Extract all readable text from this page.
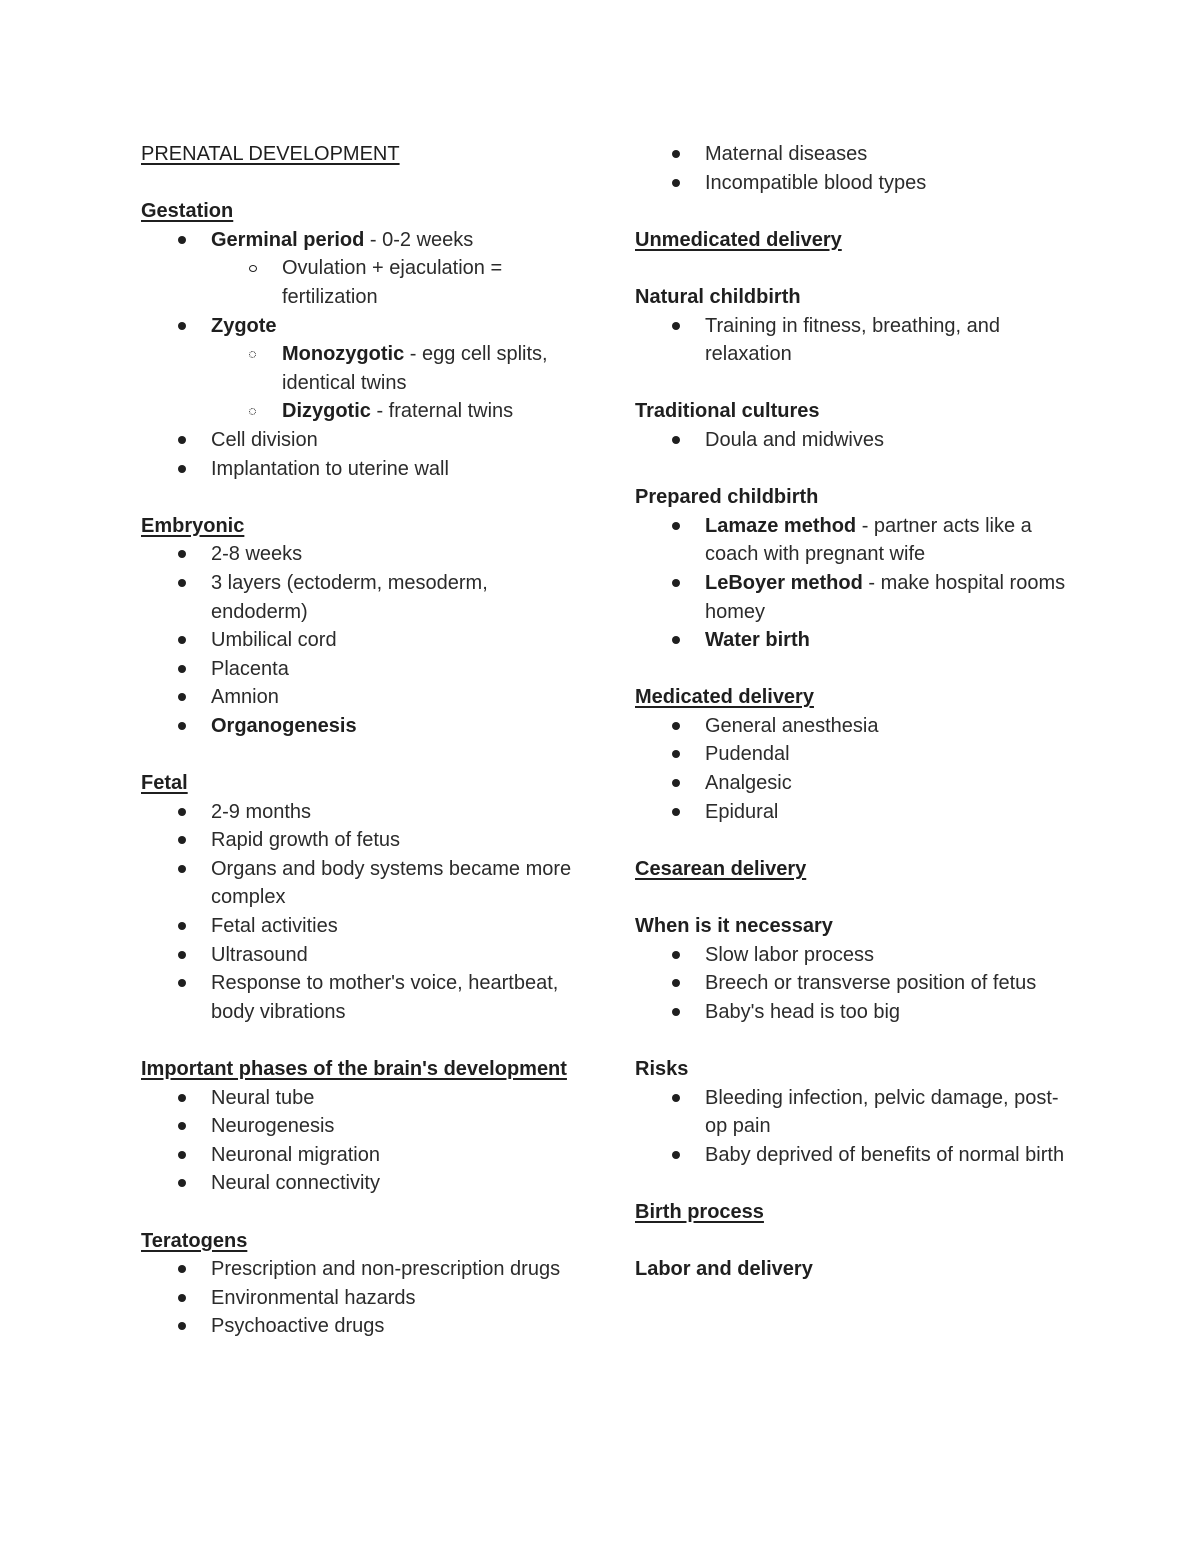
PRENATAL DEVELOPMENT

Gestation

Germinal period - 0-2 weeks
Ovulation + ejaculation = fertilization
Zygote
Monozygotic - egg cell splits, identical twins
Dizygotic - fraternal twins
Cell division
Implantation to uterine wall

Embryonic

2-8 weeks
3 layers (ectoderm, mesoderm, endoderm)
Umbilical cord
Placenta
Amnion
Organogenesis

Fetal

2-9 months
Rapid growth of fetus
Organs and body systems became more complex
Fetal activities
Ultrasound
Response to mother's voice, heartbeat, body vibrations

Important phases of the brain's development

Neural tube
Neurogenesis
Neuronal migration
Neural connectivity

Teratogens

Prescription and non-prescription drugs
Environmental hazards
Psychoactive drugs
Maternal diseases
Incompatible blood types

Unmedicated delivery

Natural childbirth

Training in fitness, breathing, and relaxation

Traditional cultures

Doula and midwives

Prepared childbirth

Lamaze method - partner acts like a coach with pregnant wife
LeBoyer method - make hospital rooms homey
Water birth

Medicated delivery

General anesthesia
Pudendal
Analgesic
Epidural

Cesarean delivery

When is it necessary

Slow labor process
Breech or transverse position of fetus
Baby's head is too big

Risks

Bleeding infection, pelvic damage, post-op pain
Baby deprived of benefits of normal birth

Birth process

Labor and delivery
